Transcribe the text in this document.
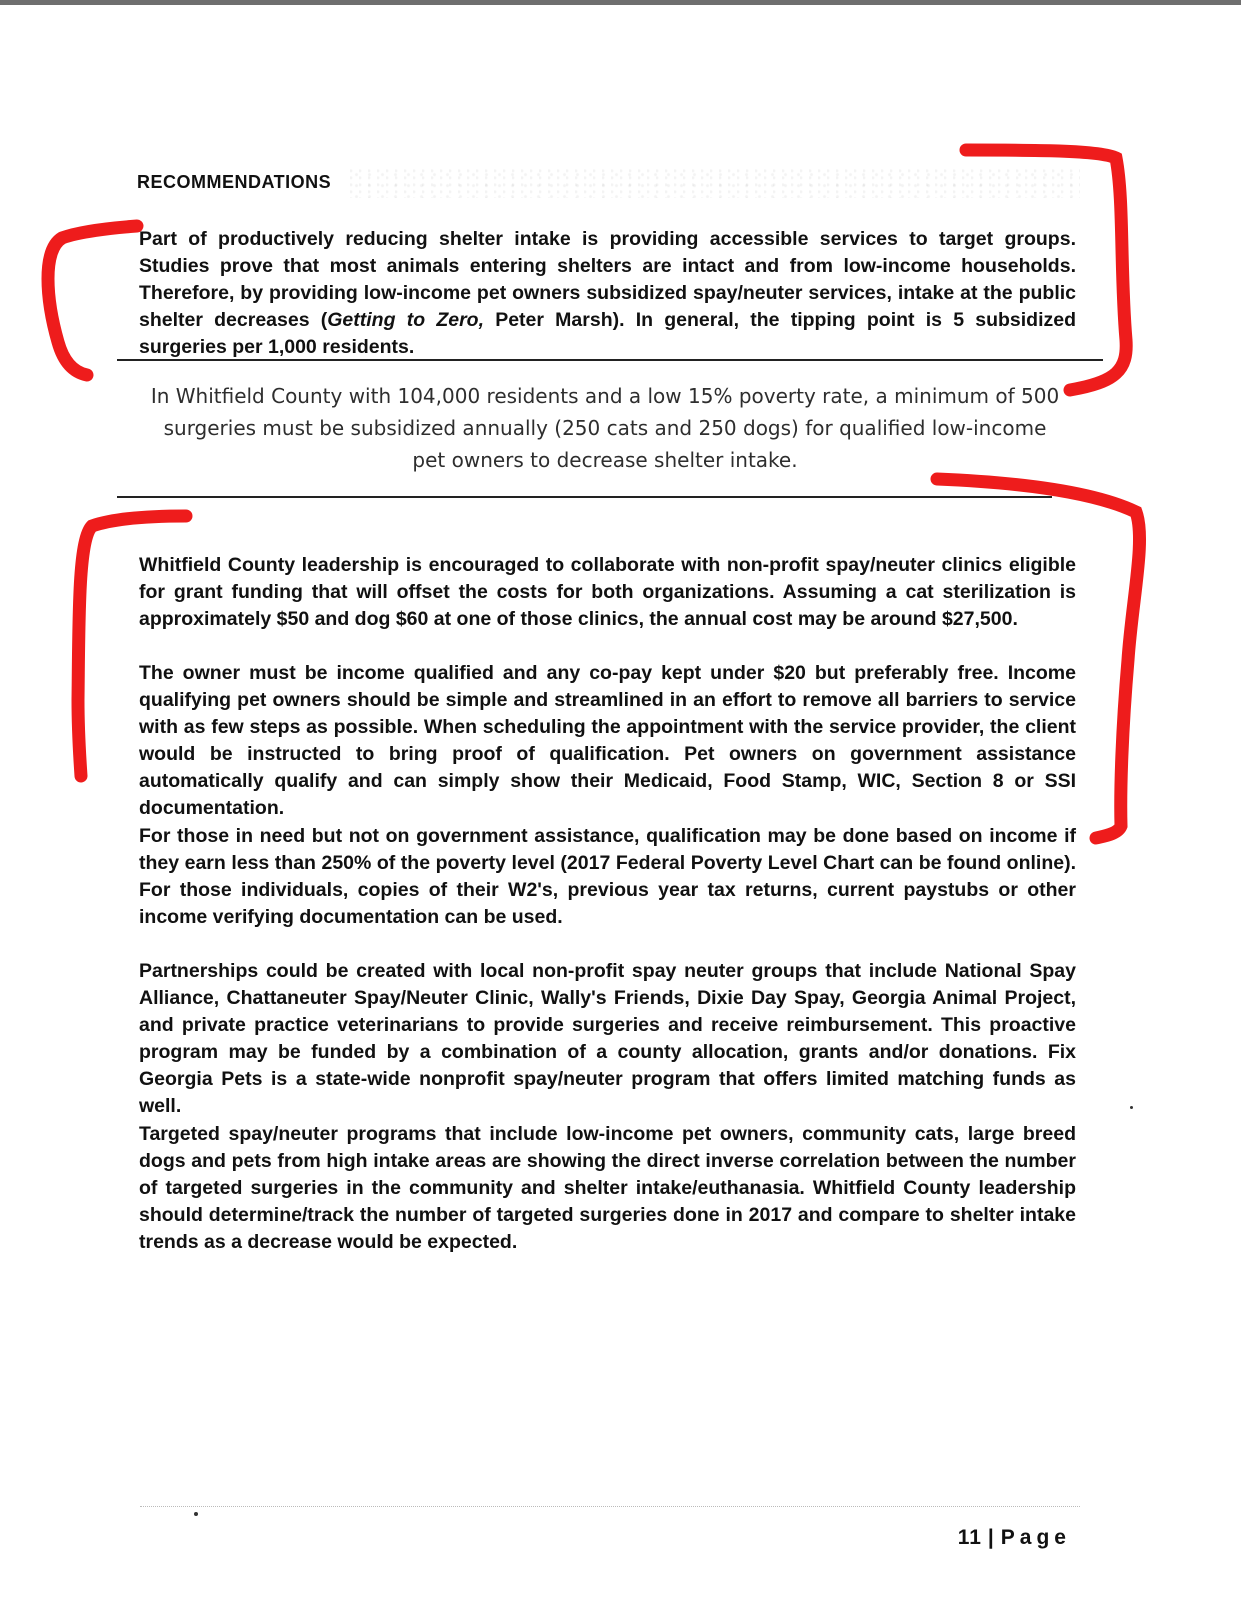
RECOMMENDATIONS
Part of productively reducing shelter intake is providing accessible services to target groups. Studies prove that most animals entering shelters are intact and from low-income households. Therefore, by providing low-income pet owners subsidized spay/neuter services, intake at the public shelter decreases (Getting to Zero, Peter Marsh). In general, the tipping point is 5 subsidized surgeries per 1,000 residents.
In Whitfield County with 104,000 residents and a low 15% poverty rate, a minimum of 500 surgeries must be subsidized annually (250 cats and 250 dogs) for qualified low-income pet owners to decrease shelter intake.
Whitfield County leadership is encouraged to collaborate with non-profit spay/neuter clinics eligible for grant funding that will offset the costs for both organizations. Assuming a cat sterilization is approximately $50 and dog $60 at one of those clinics, the annual cost may be around $27,500.
The owner must be income qualified and any co-pay kept under $20 but preferably free. Income qualifying pet owners should be simple and streamlined in an effort to remove all barriers to service with as few steps as possible. When scheduling the appointment with the service provider, the client would be instructed to bring proof of qualification. Pet owners on government assistance automatically qualify and can simply show their Medicaid, Food Stamp, WIC, Section 8 or SSI documentation.
For those in need but not on government assistance, qualification may be done based on income if they earn less than 250% of the poverty level (2017 Federal Poverty Level Chart can be found online). For those individuals, copies of their W2's, previous year tax returns, current paystubs or other income verifying documentation can be used.
Partnerships could be created with local non-profit spay neuter groups that include National Spay Alliance, Chattaneuter Spay/Neuter Clinic, Wally's Friends, Dixie Day Spay, Georgia Animal Project, and private practice veterinarians to provide surgeries and receive reimbursement. This proactive program may be funded by a combination of a county allocation, grants and/or donations. Fix Georgia Pets is a state-wide nonprofit spay/neuter program that offers limited matching funds as well.
Targeted spay/neuter programs that include low-income pet owners, community cats, large breed dogs and pets from high intake areas are showing the direct inverse correlation between the number of targeted surgeries in the community and shelter intake/euthanasia. Whitfield County leadership should determine/track the number of targeted surgeries done in 2017 and compare to shelter intake trends as a decrease would be expected.
11 | Page
